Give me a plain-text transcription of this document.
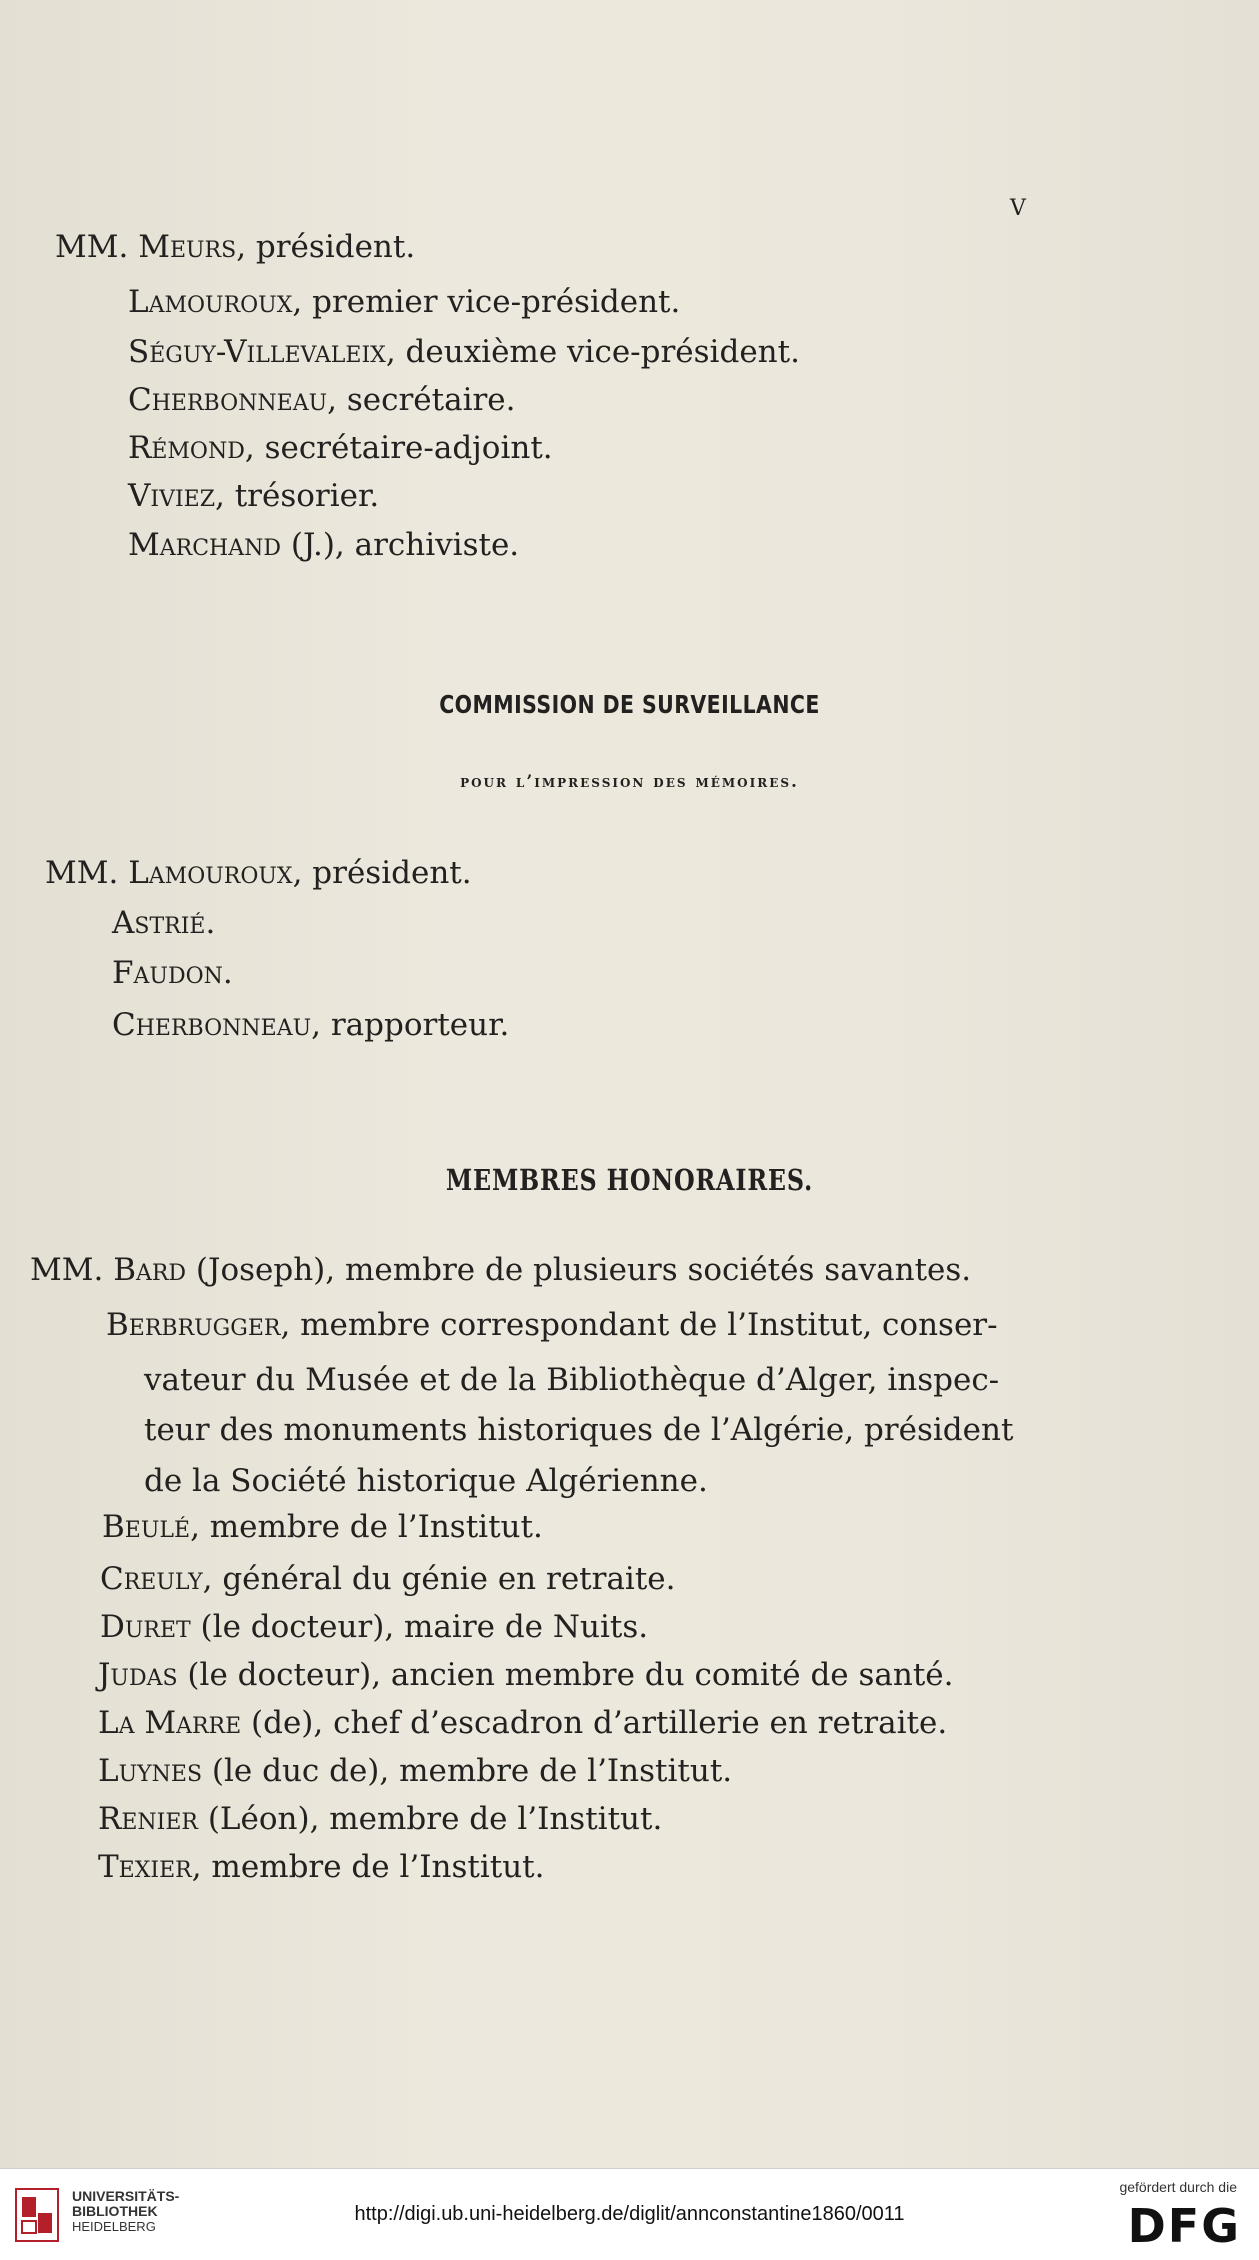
V
MM. Meurs, président.
Lamouroux, premier vice-président.
Séguy-Villevaleix, deuxième vice-président.
Cherbonneau, secrétaire.
Rémond, secrétaire-adjoint.
Viviez, trésorier.
Marchand (J.), archiviste.
COMMISSION DE SURVEILLANCE
pour l’impression des mémoires.
MM. Lamouroux, président.
Astrié.
Faudon.
Cherbonneau, rapporteur.
MEMBRES HONORAIRES.
MM. Bard (Joseph), membre de plusieurs sociétés savantes.
Berbrugger, membre correspondant de l’Institut, conser-
vateur du Musée et de la Bibliothèque d’Alger, inspec-
teur des monuments historiques de l’Algérie, président
de la Société historique Algérienne.
Beulé, membre de l’Institut.
Creuly, général du génie en retraite.
Duret (le docteur), maire de Nuits.
Judas (le docteur), ancien membre du comité de santé.
La Marre (de), chef d’escadron d’artillerie en retraite.
Luynes (le duc de), membre de l’Institut.
Renier (Léon), membre de l’Institut.
Texier, membre de l’Institut.
UNIVERSITÄTS-
BIBLIOTHEK
HEIDELBERG
http://digi.ub.uni-heidelberg.de/diglit/annconstantine1860/0011
gefördert durch die
DFG
